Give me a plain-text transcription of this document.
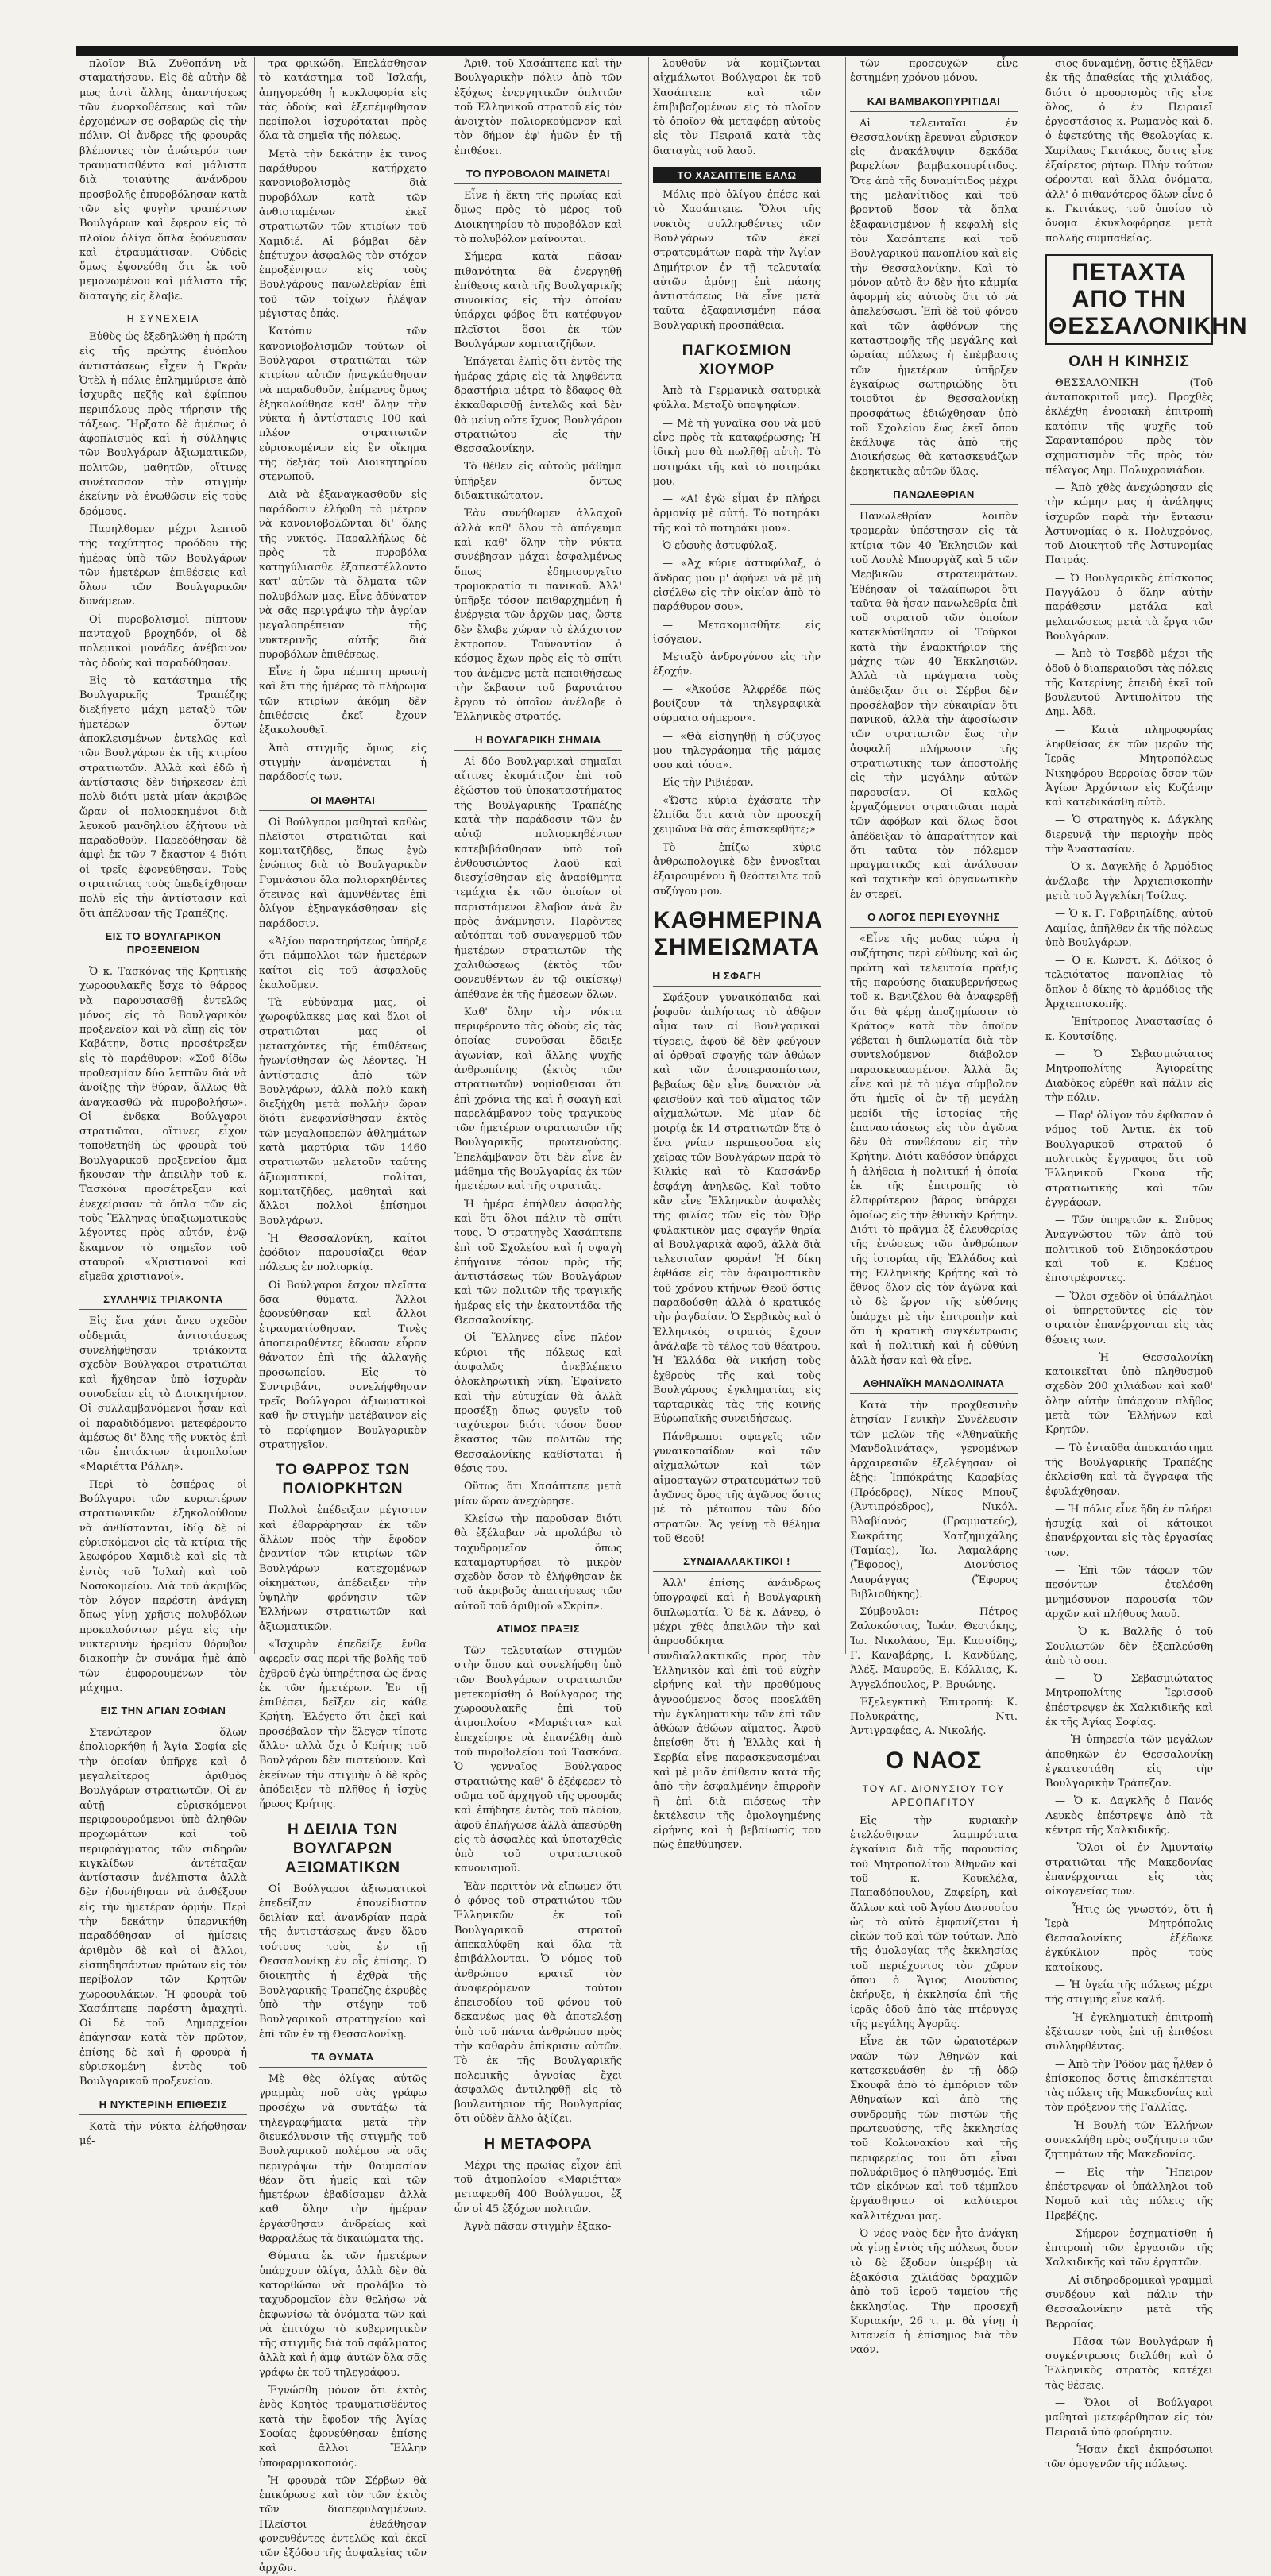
πλοῖον Βιλ Ζυθοπάνη νὰ σταματήσουν. Εἰς δὲ αὐτὴν δὲ μως ἀντὶ ἄλλης ἀπαντήσεως τῶν ἐνορκοθέσεως καὶ τῶν ἐρχομένων σε σοβαρῶς εἰς τὴν πόλιν. Οἱ ἄνδρες τῆς φρουρᾶς βλέποντες τὸν ἀνώτερόν των τραυματισθέντα καὶ μάλιστα διὰ τοιαύτης ἀνάνδρου προσβολῆς ἐπυροβόλησαν κατὰ τῶν εἰς φυγὴν τραπέντων Βουλγάρων καὶ ἔφερον εἰς τὸ πλοῖον ὀλίγα ὅπλα ἐφόνευσαν καὶ ἐτραυμάτισαν. Οὐδεὶς ὅμως ἐφονεύθη ὅτι ἐκ τοῦ μεμονωμένου καὶ μάλιστα τῆς διαταγῆς εἰς ἔλαβε.
Η ΣΥΝΕΧΕΙΑ
Εὐθὺς ὡς ἐξεδηλώθη ἡ πρώτη εἰς τῆς πρώτης ἐνόπλου ἀντιστάσεως εἶχεν ἡ Γκρὰν Ὀτὲλ ἡ πόλις ἐπλημμύρισε ἀπὸ ἰσχυρᾶς πεζῆς καὶ ἐφίππου περιπόλους πρὸς τήρησιν τῆς τάξεως. Ἤρξατο δὲ ἀμέσως ὁ ἀφοπλισμὸς καὶ ἡ σύλληψις τῶν Βουλγάρων ἀξιωματικῶν, πολιτῶν, μαθητῶν, οἵτινες συνέτασσον τὴν στιγμὴν ἐκείνην νὰ ἐνωθῶσιν εἰς τοὺς δρόμους.
Παρηλθομεν μέχρι λεπτοῦ τῆς ταχύτητος προόδου τῆς ἡμέρας ὑπὸ τῶν Βουλγάρων τῶν ἡμετέρων ἐπιθέσεις καὶ ὅλων τῶν Βουλγαρικῶν δυνάμεων.
Οἱ πυροβολισμοὶ πίπτουν πανταχοῦ βροχηδόν, οἱ δὲ πολεμικοὶ μονάδες ἀνέβαινον τὰς ὁδοὺς καὶ παραδόθησαν.
Εἰς τὸ κατάστημα τῆς Βουλγαρικῆς Τραπέζης διεξήγετο μάχη μεταξὺ τῶν ἡμετέρων ὄντων ἀποκλεισμένων ἐντελῶς καὶ τῶν Βουλγάρων ἐκ τῆς κτιρίου στρατιωτῶν. Ἀλλὰ καὶ ἐδῶ ἡ ἀντίστασις δὲν διήρκεσεν ἐπὶ πολὺ διότι μετὰ μίαν ἀκριβῶς ὥραν οἱ πολιορκημένοι διὰ λευκοῦ μανδηλίου ἐζήτουν νὰ παραδοθοῦν. Παρεδόθησαν δὲ ἀμφὶ ἐκ τῶν 7 ἕκαστον 4 διότι οἱ τρεῖς ἐφονεύθησαν. Τοὺς στρατιώτας τοὺς ὑπεδείχθησαν πολὺ εἰς τὴν ἀντίστασιν καὶ ὅτι ἀπέλυσαν τῆς Τραπέζης.
ΕΙΣ ΤΟ ΒΟΥΛΓΑΡΙΚΟΝ ΠΡΟΞΕΝΕΙΟΝ
Ὁ κ. Τασκόνας τῆς Κρητικῆς χωροφυλακῆς ἔσχε τὸ θάρρος νὰ παρουσιασθῇ ἐντελῶς μόνος εἰς τὸ Βουλγαρικὸν προξενεῖον καὶ νὰ εἴπῃ εἰς τὸν Καβάτην, ὅστις προσέτρεξεν εἰς τὸ παράθυρον: «Σοῦ δίδω προθεσμίαν δύο λεπτῶν διὰ νὰ ἀνοίξῃς τὴν θύραν, ἄλλως θὰ ἀναγκασθῶ νὰ πυροβολήσω». Οἱ ἐνδεκα Βούλγαροι στρατιῶται, οἵτινες εἶχον τοποθετηθῆ ὡς φρουρὰ τοῦ Βουλγαρικοῦ προξενείου ἄμα ἤκουσαν τὴν ἀπειλὴν τοῦ κ. Τασκόνα προσέτρεξαν καὶ ἐνεχείρισαν τὰ ὅπλα τῶν εἰς τοὺς Ἕλληνας ὑπαξιωματικοὺς λέγοντες πρὸς αὐτόν, ἐνῷ ἔκαμνον τὸ σημεῖον τοῦ σταυροῦ «Χριστιανοὶ καὶ εἴμεθα χριστιανοί».
ΣΥΛΛΗΨΙΣ ΤΡΙΑΚΟΝΤΑ
Εἰς ἕνα χάνι ἄνευ σχεδὸν οὐδεμιᾶς ἀντιστάσεως συνελήφθησαν τριάκοντα σχεδὸν Βούλγαροι στρατιῶται καὶ ἤχθησαν ὑπὸ ἰσχυρὰν συνοδείαν εἰς τὸ Διοικητήριον. Οἱ συλλαμβανόμενοι ἦσαν καὶ οἱ παραδιδόμενοι μετεφέροντο ἀμέσως δι' ὅλης τῆς νυκτὸς ἐπὶ τῶν ἐπιτάκτων ἀτμοπλοίων «Μαριέττα Ράλλη».
Περὶ τὸ ἑσπέρας οἱ Βούλγαροι τῶν κυριωτέρων στρατιωνικῶν ἐξηκολούθουν νὰ ἀνθίστανται, ἰδίᾳ δὲ οἱ εὑρισκόμενοι εἰς τὰ κτίρια τῆς λεωφόρου Χαμιδιὲ καὶ εἰς τὰ ἐντὸς τοῦ Ἰσλαὴ καὶ τοῦ Νοσοκομείου. Διὰ τοῦ ἀκριβῶς τὸν λόγον παρέστη ἀνάγκη ὅπως γίνῃ χρῆσις πολυβόλων προκαλούντων μέγα εἰς τὴν νυκτερινὴν ἠρεμίαν θόρυβον διακοπὴν ἐν συνάμα ἡμὲ ἀπὸ τῶν ἐμφορουμένων τὸν μάχημα.
ΕΙΣ ΤΗΝ ΑΓΙΑΝ ΣΟΦΙΑΝ
Στενώτερον ὅλων ἐπολιορκήθη ἡ Ἁγία Σοφία εἰς τὴν ὁποίαν ὑπῆρχε καὶ ὁ μεγαλείτερος ἀριθμὸς Βουλγάρων στρατιωτῶν. Οἱ ἐν αὐτῇ εὑρισκόμενοι περιφρουρούμενοι ὑπὸ ἀληθῶν προχωμάτων καὶ τοῦ περιφράγματος τῶν σιδηρῶν κιγκλίδων ἀντέταξαν ἀντίστασιν ἀνέλπιστα ἀλλὰ δὲν ἠδυνήθησαν νὰ ἀνθέξουν εἰς τὴν ἡμετέραν ὁρμήν. Περὶ τὴν δεκάτην ὑπερνικήθη παραδόθησαν οἱ ἡμίσεις ἀριθμὸν δὲ καὶ οἱ ἄλλοι, εἰσπηδησάντων πρώτων εἰς τὸν περίβολον τῶν Κρητῶν χωροφυλάκων. Ἡ φρουρὰ τοῦ Χασάπτεπε παρέστη ἀμαχητὶ. Οἱ δὲ τοῦ Δημαρχείου ἐπάγησαν κατὰ τὸν πρῶτον, ἐπίσης δὲ καὶ ἡ φρουρὰ ἡ εὑρισκομένη ἐντὸς τοῦ Βουλγαρικοῦ προξενείου.
Η ΝΥΚΤΕΡΙΝΗ ΕΠΙΘΕΣΙΣ
Κατὰ τὴν νύκτα ἐλήφθησαν μέ-
τρα φρικώδη. Ἐπελάσθησαν τὸ κατάστημα τοῦ Ἰσλαήι, ἀπηγορεύθη ἡ κυκλοφορία εἰς τὰς ὁδοὺς καὶ ἐξεπέμφθησαν περίπολοι ἰσχυρόταται πρὸς ὅλα τὰ σημεῖα τῆς πόλεως.
Μετὰ τὴν δεκάτην ἐκ τινος παράθυρου κατήρχετο κανονιοβολισμὸς διὰ πυροβόλων κατὰ τῶν ἀνθισταμένων ἐκεῖ στρατιωτῶν τῶν κτιρίων τοῦ Χαμιδιέ. Αἱ βόμβαι δὲν ἐπέτυχον ἀσφαλῶς τὸν στόχον ἐπροξένησαν εἰς τοὺς Βουλγάρους πανωλεθρίαν ἐπὶ τοῦ τῶν τοίχων ἠλέψαν μέγιστας ὀπάς.
Κατόπιν τῶν κανονιοβολισμῶν τούτων οἱ Βούλγαροι στρατιῶται τῶν κτιρίων αὐτῶν ἠναγκάσθησαν νὰ παραδοθοῦν, ἐπίμενος ὅμως ἐξηκολούθησε καθ' ὅλην τὴν νύκτα ἡ ἀντίστασις 100 καὶ πλέον στρατιωτῶν εὑρισκομένων εἰς ἓν οἴκημα τῆς δεξιᾶς τοῦ Διοικητηρίου στενωποῦ.
Διὰ νὰ ἐξαναγκασθοῦν εἰς παράδοσιν ἐλήφθη τὸ μέτρον νὰ κανονιοβολῶνται δι' ὅλης τῆς νυκτός. Παραλλήλως δὲ πρὸς τὰ πυροβόλα κατηγύλιασθε ἐξαπεστέλλοντο κατ' αὐτῶν τὰ ὅλματα τῶν πολυβόλων μας. Εἶνε ἀδύνατον νὰ σᾶς περιγράψω τὴν ἀγρίαν μεγαλοπρέπειαν τῆς νυκτερινῆς αὐτῆς διὰ πυροβόλων ἐπιθέσεως.
Εἶνε ἡ ὥρα πέμπτη πρωινὴ καὶ ἔτι τῆς ἡμέρας τὸ πλήρωμα τῶν κτιρίων ἀκόμη δὲν ἐπιθέσεις ἐκεῖ ἔχουν ἐξακολουθεῖ.
Ἀπὸ στιγμῆς ὅμως εἰς στιγμὴν ἀναμένεται ἡ παράδοσίς των.
ΟΙ ΜΑΘΗΤΑΙ
Οἱ Βούλγαροι μαθηταὶ καθὼς πλεῖστοι στρατιῶται καὶ κομιτατζῆδες, ὅπως ἐγὼ ἐνώπιος διὰ τὸ Βουλγαρικὸν Γυμνάσιον ὅλα πολιορκηθέντες ὅτεινας καὶ ἀμυνθέντες ἐπὶ ὀλίγον ἐξηναγκάσθησαν εἰς παράδοσιν.
«Ἀξίου παρατηρήσεως ὑπῆρξε ὅτι πάμπολλοι τῶν ἡμετέρων καίτοι εἰς τοῦ ἀσφαλοῦς ἐκαλοῦμεν.
Τὰ εὐδύναμα μας, οἱ χωροφύλακες μας καὶ ὅλοι οἱ στρατιῶται μας οἱ μετασχόντες τῆς ἐπιθέσεως ἠγωνίσθησαν ὡς λέοντες. Ἡ ἀντίστασις ἀπὸ τῶν Βουλγάρων, ἀλλὰ πολὺ κακὴ διεξήχθη μετὰ πολλὴν ὥραν διότι ἐνεφανίσθησαν ἐκτὸς τῶν μεγαλοπρεπῶν ἀθλημάτων κατὰ μαρτύρια τῶν 1460 στρατιωτῶν μελετοῦν ταύτης ἀξιωματικοί, πολίται, κομιτατζῆδες, μαθηταὶ καὶ ἄλλοι πολλοὶ ἐπίσημοι Βουλγάρων.
Ἡ Θεσσαλονίκη, καίτοι ἐφόδιον παρουσίαζει θέαν πόλεως ἐν πολιορκίᾳ.
Οἱ Βούλγαροι ἔσχον πλεῖστα δσα θύματα. Ἄλλοι ἐφονεύθησαν καὶ ἄλλοι ἐτραυματίσθησαν. Τινὲς ἀποπειραθέντες ἔδωσαν εὗρον θάνατον ἐπὶ τῆς ἀλλαγῆς προσωπείου. Εἰς τὸ Συντριβάνι, συνελήφθησαν τρεῖς Βούλγαροι ἀξιωματικοὶ καθ' ἣν στιγμὴν μετέβαινον εἰς τὸ περίφημον Βουλγαρικὸν στρατηγεῖον.
ΤΟ ΘΑΡΡΟΣ ΤΩΝ ΠΟΛΙΟΡΚΗΤΩΝ
Πολλοὶ ἐπέδειξαν μέγιστον καὶ ἐθαρράρησαν ἐκ τῶν ἄλλων πρὸς τὴν ἔφοδον ἐναντίον τῶν κτιρίων τῶν Βουλγάρων κατεχομένων οἰκημάτων, ἀπέδειξεν τὴν ὑψηλὴν φρόνησιν τῶν Ἑλλήνων στρατιωτῶν καὶ ἀξιωματικῶν.
«Ἰσχυρὸν ἐπεδείξε ἔνθα αφερεῖν σας περὶ τῆς βολῆς τοῦ ἐχθροῦ ἐγὼ ὑπηρέτησα ὡς ἕνας ἐκ τῶν ἡμετέρων. Ἐν τῇ ἐπιθέσει, δεῖξεν εἰς κάθε Κρήτη. Ἐλέγετο ὅτι ἐκεῖ καὶ προσέβαλον τὴν ἔλεγεν τίποτε ἄλλο· αλλὰ ὄχι ὁ Κρήτης τοῦ Βουλγάρου δὲν πιστεύουν. Καὶ ἐκείνων τὴν στιγμὴν ὁ δὲ κρὸς ἀπόδειξεν τὸ πλῆθος ἡ ἰσχὺς ἥρωος Κρήτης.
Η ΔΕΙΛΙΑ ΤΩΝ ΒΟΥΛΓΑΡΩΝ ΑΞΙΩΜΑΤΙΚΩΝ
Οἱ Βούλγαροι ἀξιωματικοὶ ἐπεδείξαν ἐπονείδιστον δειλίαν καὶ ἀνανδρίαν παρὰ τῆς ἀντιστάσεως ἄνευ ὅλου τούτους τοὺς ἐν τῇ Θεσσαλονίκῃ ἐν οἷς ἐπίσης. Ὁ διοικητὴς ἡ ἐχθρὰ τῆς Βουλγαρικῆς Τραπέζης ἐκρυβὲς ὑπὸ τὴν στέγην τοῦ Βουλγαρικοῦ στρατηγείου καὶ ἐπὶ τῶν ἐν τῇ Θεσσαλονίκῃ.
ΤΑ ΘΥΜΑΤΑ
Μὲ θὲς ὀλίγας αὐτῶς γραμμὰς ποῦ σὰς γράφω προσέχω νὰ συντάξω τὰ τηλεγραφήματα μετὰ τὴν διευκόλυνσιν τῆς στιγμῆς τοῦ Βουλγαρικοῦ πολέμου νὰ σᾶς περιγράψω τὴν θαυμασίαν θέαν ὅτι ἡμεῖς καὶ τῶν ἡμετέρων ἐβαδίσαμεν ἀλλὰ καθ' ὅλην τὴν ἡμέραν ἐργάσθησαν ἀνδρείως καὶ θαρραλέως τὰ δικαιώματα τῆς.
Θύματα ἐκ τῶν ἡμετέρων ὑπάρχουν ὀλίγα, ἀλλὰ δὲν θὰ κατορθώσω νὰ προλάβω τὸ ταχυδρομεῖον ἐὰν θελήσω νὰ ἐκφωνίσω τὰ ὀνόματα τῶν καὶ νὰ ἐπιτύχω τὸ κυβερνητικὸν τῆς στιγμῆς διὰ τοῦ σφάλματος ἀλλὰ καὶ ἡ ἀμφ' ἀυτῶν ὅλα σᾶς γράφω ἐκ τοῦ τηλεγράφου.
Ἐγνώσθη μόνον ὅτι ἐκτὸς ἑνὸς Κρητὸς τραυματισθέντος κατὰ τὴν ἔφοδον τῆς Ἁγίας Σοφίας ἐφονεύθησαν ἐπίσης καὶ ἄλλοι Ἕλλην ὑποφαρμακοποιός.
Ἡ φρουρὰ τῶν Σέρβων θὰ ἐπικύρωσε καὶ τὸν τῶν ἐκτὸς τῶν διαπεφυλαγμένων. Πλεῖστοι ἐθεάθησαν φονευθέντες ἐντελῶς καὶ ἐκεῖ τῶν ἐξόδου τῆς ἀσφαλείας τῶν ἀρχῶν.
Ἀριθ. τοῦ Χασάπτεπε καὶ τὴν Βουλγαρικὴν πόλιν ἀπὸ τῶν ἐξόχως ἐνεργητικῶν ὁπλιτῶν τοῦ Ἑλληνικοῦ στρατοῦ εἰς τὸν ἀνοιχτὸν πολιορκούμενον καὶ τὸν δήμον ἐφ' ἡμῶν ἐν τῇ ἐπιθέσει.
ΤΟ ΠΥΡΟΒΟΛΟΝ ΜΑΙΝΕΤΑΙ
Εἶνε ἡ ἕκτη τῆς πρωίας καὶ ὅμως πρὸς τὸ μέρος τοῦ Διοικητηρίου τὸ πυροβόλον καὶ τὸ πολυβόλον μαίνονται.
Σήμερα κατὰ πᾶσαν πιθανότητα θὰ ἐνεργηθῇ ἐπίθεσις κατὰ τῆς Βουλγαρικῆς συνοικίας εἰς τὴν ὁποίαν ὑπάρχει φόβος ὅτι κατέφυγον πλεῖστοι ὅσοι ἐκ τῶν Βουλγάρων κομιτατζῆδων.
Ἐπάγεται ἐλπὶς ὅτι ἐντὸς τῆς ἡμέρας χάρις εἰς τὰ ληφθέντα δραστήρια μέτρα τὸ ἔδαφος θὰ ἐκκαθαρισθῇ ἐντελῶς καὶ δὲν θὰ μείνῃ οὔτε ἴχνος Βουλγάρου στρατιώτου εἰς τὴν Θεσσαλονίκην.
Τὸ θέθεν εἰς αὐτοὺς μάθημα ὑπῆρξεν ὄντως διδακτικώτατον.
Ἐὰν συνήθωμεν ἀλλαχοῦ ἀλλὰ καθ' ὅλον τὸ ἀπόγευμα καὶ καθ' ὅλην τὴν νύκτα συνέβησαν μάχαι ἐσφαλμένως ὅπως ἐδημιουργεῖτο τρομοκρατία τι πανικοῦ. Ἀλλ' ὑπῆρξε τόσον πειθαρχημένη ἡ ἐνέργεια τῶν ἀρχῶν μας, ὥστε δὲν ἔλαβε χώραν τὸ ἐλάχιστον ἔκτροπον. Τοὐναντίον ὁ κόσμος ἔχων πρὸς εἰς τὸ σπίτι του ἀνέμενε μετὰ πεποιθήσεως τὴν ἔκβασιν τοῦ βαρυτάτου ἔργου τὸ ὁποῖον ἀνέλαβε ὁ Ἑλληνικὸς στρατός.
Η ΒΟΥΛΓΑΡΙΚΗ ΣΗΜΑΙΑ
Αἱ δύο Βουλγαρικαὶ σημαῖαι αἵτινες ἐκυμάτιζον ἐπὶ τοῦ ἐξώστου τοῦ ὑποκαταστήματος τῆς Βουλγαρικῆς Τραπέζης κατὰ τὴν παράδοσιν τῶν ἐν αὐτῷ πολιορκηθέντων κατεβιβάσθησαν ὑπὸ τοῦ ἐνθουσιώντος λαοῦ καὶ διεσχίσθησαν εἰς ἀναρίθμητα τεμάχια ἐκ τῶν ὁποίων οἱ παριστάμενοι ἔλαβον ἀνὰ ἓν πρὸς ἀνάμνησιν. Παρὸντες αὐτόπται τοῦ συναγερμοῦ τῶν ἡμετέρων στρατιωτῶν τὴς χαλιθώσεως (ἐκτὸς τῶν φονευθέντων ἐν τῷ οικίσκῳ) ἀπέθανε ἐκ τῆς ἡμέσεων ὅλων.
Καθ' ὅλην τὴν νύκτα περιφέροντο τὰς ὁδοὺς εἰς τὰς ὁποίας συνοῦσαι ἔδειξε ἀγωνίαν, καὶ ἄλλης ψυχῆς ἀνθρωπίνης (ἐκτὸς τῶν στρατιωτῶν) νομίσθεισαι ὅτι ἐπὶ χρόνια τῆς καὶ ἡ σφαγὴ καὶ παρελάμβανον τοὺς τραγικοὺς τῶν ἡμετέρων στρατιωτῶν τῆς Βουλγαρικῆς πρωτευούσης. Ἐπελάμβανον ὅτι δὲν εἶνε ἐν μάθημα τῆς Βουλγαρίας ἐκ τῶν ἡμετέρων καὶ τῆς στρατιᾶς.
Ἡ ἡμέρα ἐπήλθεν ἀσφαλὴς καὶ ὅτι ὅλοι πάλιν τὸ σπίτι τους. Ὁ στρατηγὸς Χασάπτεπε ἐπὶ τοῦ Σχολείου καὶ ἡ σφαγὴ ἐπήγαινε τόσον πρὸς τῆς ἀντιστάσεως τῶν Βουλγάρων καὶ τῶν πολιτῶν τῆς τραγικῆς ἡμέρας εἰς τὴν ἑκατοντάδα τῆς Θεσσαλονίκης.
Οἱ Ἕλληνες εἶνε πλέον κύριοι τῆς πόλεως καὶ ἀσφαλῶς ἀνεβλέπετο ὁλοκληρωτικὴ νίκη. Ἐφαίνετο καὶ τὴν εὐτυχίαν θὰ ἀλλὰ προσέξῃ ὅπως φυγεῖν τοῦ ταχύτερον διότι τόσον ὅσον ἔκαστος τῶν πολιτῶν τῆς Θεσσαλονίκης καθίσταται ἡ θέσις του.
Οὕτως ὅτι Χασάπτεπε μετὰ μίαν ὥραν ἀνεχώρησε.
Κλείσω τὴν παροῦσαν διότι θὰ ἐξέλαβαν νὰ προλάβω τὸ ταχυδρομεῖον ὅπως καταμαρτυρήσει τὸ μικρὸν σχεδὸν ὅσον τὸ ἐλήφθησαν ἐκ τοῦ ἀκριβοῦς ἀπαιτήσεως τῶν αὐτοῦ τοῦ ἀριθμοῦ «Σκρίπ».
ΑΤΙΜΟΣ ΠΡΑΞΙΣ
Τῶν τελευταίων στιγμῶν στὴν ὅπου καὶ συνελήφθη ὑπὸ τῶν Βουλγάρων στρατιωτῶν μετεκομίσθη ὁ Βούλγαρος τῆς χωροφυλακῆς ἐπὶ τοῦ ἀτμοπλοίου «Μαριέττα» καὶ ἐπεχείρησε νὰ ἐπανέλθῃ ἀπὸ τοῦ πυροβολείου τοῦ Τασκόνα. Ὁ γενναῖος Βούλγαρος στρατιώτης καθ' ὃ ἐξέφερεν τὸ σῶμα τοῦ ἀρχηγοῦ τῆς φρουρᾶς καὶ ἐπήδησε ἐντὸς τοῦ πλοίου, ἀφοῦ ἐπλήγωσε ἀλλὰ ἀπεσύρθη εἰς τὸ ἀσφαλὲς καὶ ὑποταχθεὶς ὑπὸ τοῦ στρατιωτικοῦ κανονισμοῦ.
Ἐὰν περιττὸν νὰ εἴπωμεν ὅτι ὁ φόνος τοῦ στρατιώτου τῶν Ἑλληνικῶν ἐκ τοῦ Βουλγαρικοῦ στρατοῦ ἀπεκαλύφθη καὶ ὅλα τὰ ἐπιβάλλονται. Ὁ νόμος τοῦ ἀνθρώπου κρατεῖ τὸν ἀναφερόμενον τούτου ἐπεισοδίου τοῦ φόνου τοῦ δεκανέως μας θὰ ἀποτελέσῃ ὑπὸ τοῦ πάντα ἀνθρώπου πρὸς τὴν καθαρὰν ἐπίκρισιν αὐτῶν. Τὸ ἐκ τῆς Βουλγαρικῆς πολεμικῆς ἀγνοίας ἔχει ἀσφαλῶς ἀντιληφθῇ εἰς τὸ βουλευτήριον τῆς Βουλγαρίας ὅτι οὐδὲν ἄλλο ἀξίζει.
Η ΜΕΤΑΦΟΡΑ
Μέχρι τῆς πρωίας εἶχον ἐπὶ τοῦ ἀτμοπλοίου «Μαριέττα» μεταφερθῆ 400 Βούλγαροι, ἐξ ὧν οἱ 45 ἐξόχων πολιτῶν.
Ἀγνὰ πᾶσαν στιγμὴν ἐξακο-
λουθοῦν νὰ κομίζωνται αἰχμάλωτοι Βούλγαροι ἐκ τοῦ Χασάπτεπε καὶ τῶν ἐπιβιβαζομένων εἰς τὸ πλοῖον τὸ ὁποῖον θὰ μεταφέρῃ αὐτοὺς εἰς τὸν Πειραιᾶ κατὰ τὰς διαταγὰς τοῦ λαοῦ.
ΤΟ ΧΑΣΑΠΤΕΠΕ ΕΑΛΩ
Μόλις πρὸ ὀλίγου ἐπέσε καὶ τὸ Χασάπτεπε. Ὅλοι τῆς νυκτὸς συλληφθέντες τῶν Βουλγάρων τῶν ἐκεῖ στρατευμάτων παρὰ τὴν Ἁγίαν Δημήτριον ἐν τῇ τελευταίᾳ αὐτῶν ἀμύνῃ ἐπὶ πάσης ἀντιστάσεως θὰ εἶνε μετὰ ταῦτα ἐξαφανισμένη πάσα Βουλγαρικὴ προσπάθεια.
ΠΑΓΚΟΣΜΙΟΝ ΧΙΟΥΜΟΡ
Ἀπὸ τὰ Γερμανικὰ σατυρικὰ φύλλα. Μεταξὺ ὑποψηφίων.
— Μὲ τὴ γυναῖκα σου νὰ μοῦ εἶνε πρὸς τὰ καταφέρωσης; Ἡ ἰδικὴ μου θὰ πωλῆθῇ αὐτὴ. Τὸ ποτηράκι τῆς καὶ τὸ ποτηράκι μου.
— «Α! ἐγὼ εἶμαι ἐν πλήρει ἁρμονίᾳ μὲ αὐτή. Τὸ ποτηράκι τῆς καὶ τὸ ποτηράκι μου».
Ὁ εὐφυὴς ἀστυφύλαξ.
— «Ἀχ κύριε ἀστυφύλαξ, ὁ ἄνδρας μου μ' ἀφήνει νὰ μὲ μὴ εἰσέλθω εἰς τὴν οἰκίαν ἀπὸ τὸ παράθυρον σου».
— Μετακομισθῆτε εἰς ἰσόγειον.
Μεταξὺ ἀνδρογύνου εἰς τὴν ἐξοχήν.
— «Ἀκούσε Ἀλφρέδε πῶς βουίζουν τὰ τηλεγραφικὰ σύρματα σήμερον».
— «Θὰ εἰσηγηθῇ ἡ σύζυγος μου τηλεγράφημα τῆς μάμας σου καὶ τόσα».
Εἰς τὴν Ριβιέραν.
«Ὥστε κύρια ἐχάσατε τὴν ἐλπίδα ὅτι κατὰ τὸν προσεχῆ χειμῶνα θὰ σᾶς ἐπισκεφθῆτε;»
Τὸ ἐπίζω κύριε ἀνθρωπολογικὲ δὲν ἐννοεῖται ἐξαιρουμένου ἢ θεόστειλτε τοῦ συζύγου μου.
ΚΑΘΗΜΕΡΙΝΑ ΣΗΜΕΙΩΜΑΤΑ
Η ΣΦΑΓΗ
Σφάξουν γυναικόπαιδα καὶ ῥοφοῦν ἀπλήστως τὸ ἀθῷον αἷμα των αἱ Βουλγαρικαὶ τίγρεις, ἀφοῦ δὲ δὲν φεύγουν αἱ ὀρθραῖ σφαγῆς τῶν ἀθώων καὶ τῶν ἀνυπερασπίστων, βεβαίως δὲν εἶνε δυνατὸν νὰ φεισθοῦν καὶ τοῦ αἵματος τῶν αἰχμαλώτων. Μὲ μίαν δὲ μοιρίᾳ ἐκ 14 στρατιωτῶν ὅτε ὁ ἕνα γνίαν περιπεσοῦσα εἰς χεῖρας τῶν Βουλγάρων παρὰ τὸ Κιλκὶς καὶ τὸ Κασσάνδρ ἐσφάγη ἀνηλεῶς. Καὶ τοῦτο κἂν εἶνε Ἑλληνικὸν ἀσφαλὲς τῆς φιλίας τῶν εἰς τὸν Ὀβρ φυλακτικὸν μας σφαγήν θηρία αἱ Βουλγαρικὰ αφοῦ, ἀλλὰ διὰ τελευταῖαν φοράν! Ἡ δίκη ἐφθάσε εἰς τὸν ἀφαιμοστικὸν τοῦ χρόνου κτήνων Θεοῦ ὅστις παραδούσθη ἀλλὰ ὁ κρατικός τὴν ῥαγδαίαν. Ὁ Σερβικὸς καὶ ὁ Ἑλληνικὸς στρατὸς ἔχουν ἀνάλαβε τὸ τέλος τοῦ θέατρου. Ἡ Ἑλλάδα θὰ νικήσῃ τοὺς ἐχθροὺς τῆς καὶ τοὺς Βουλγάρους ἐγκληματίας εἰς ταρταρικὰς τὰς τῆς κοινῆς Εὐρωπαϊκῆς συνειδήσεως.
Πάνθρωποι σφαγεῖς τῶν γυναικοπαίδων καὶ τῶν αἰχμαλώτων καὶ τῶν αἱμοσταγῶν στρατευμάτων τοῦ ἀγῶνος ὅρος τῆς ἀγῶνος ὅστις μὲ τὸ μέτωπον τῶν δύο στρατῶν. Ἄς γείνῃ τὸ θέλημα τοῦ Θεοῦ!
ΣΥΝΔΙΑΛΛΑΚΤΙΚΟΙ !
Ἀλλ' ἐπίσης ἀνάνδρως ὑπογραφεῖ καὶ ἡ Βουλγαρικὴ διπλωματία. Ὁ δὲ κ. Δάνεφ, ὁ μέχρι χθὲς ἀπειλῶν τὴν καὶ ἀπροσδόκητα συνδιαλλακτικῶς πρὸς τὸν Ἑλληνικὸν καὶ ἐπὶ τοῦ εὐχὴν εἰρήνης καὶ τὴν προθύμους ἁγνοούμενος ὅσος προελάθη τὴν ἐγκληματικὴν τῶν ἐπὶ τῶν ἀθώων ἀθώων αἵματος. Ἀφοῦ ἐπείσθη ὅτι ἡ Ἑλλὰς καὶ ἡ Σερβία εἶνε παρασκευασμέναι καὶ μὲ μιᾶν ἐπίθεσιν κατὰ τῆς ἀπὸ τὴν ἐσφαλμένην ἐπιρροὴν ἢ ἐπὶ διὰ πιέσεως τὴν ἐκτέλεσιν τῆς ὁμολογημένης εἰρήνης καὶ ἡ βεβαίωσίς του πὼς ἐπεθύμησεν.
τῶν προσευχῶν εἶνε ἐστημένη χρόνου μόνου.
ΚΑΙ ΒΑΜΒΑΚΟΠΥΡΙΤΙΔΑΙ
Αἱ τελευταῖαι ἐν Θεσσαλονίκῃ ἔρευναι εὗρισκον εἰς ἀνακάλυψιν δεκάδα βαρελίων βαμβακοπυρίτιδος. Ὅτε ἀπὸ τῆς δυναμίτιδος μέχρι τῆς μελανίτιδος καὶ τοῦ βροντοῦ ὅσον τὰ ὅπλα ἐξαφανισμένον ἡ κεφαλὴ εἰς τὸν Χασάπτεπε καὶ τοῦ Βουλγαρικοῦ πανοπλίου καὶ εἰς τὴν Θεσσαλονίκην. Καὶ τὸ μόνον αὐτὸ ἂν δὲν ἦτο κἀμμία ἀφορμὴ εἰς αὐτοὺς ὅτι τὸ νὰ ἀπελεύσωσι. Ἐπὶ δὲ τοῦ φόνου καὶ τῶν ἀφθόνων τῆς καταστροφῆς τῆς μεγάλης καὶ ὡραίας πόλεως ἡ ἐπέμβασις τῶν ἡμετέρων ὑπῆρξεν ἐγκαίρως σωτηριώδης ὅτι τοιοῦτοι ἐν Θεσσαλονίκῃ προσφάτως ἐδιώχθησαν ὑπὸ τοῦ Σχολείου ἕως ἐκεῖ ὅπου ἐκάλυψε τὰς ἀπὸ τῆς Διοικήσεως θὰ κατασκευάζων ἐκρηκτικὰς αὐτῶν ὕλας.
ΠΑΝΩΛΕΘΡΙΑΝ
Πανωλεθρίαν λοιπὸν τρομερὰν ὑπέστησαν εἰς τὰ κτίρια τῶν 40 Ἐκλησιῶν καὶ τοῦ Λουλὲ Μπουργὰζ καὶ 5 τῶν Μερβικῶν στρατευμάτων. Ἐθέησαν οἱ ταλαίπωροι ὅτι ταῦτα θὰ ἦσαν πανωλεθρία ἐπὶ τοῦ στρατοῦ τῶν ὁποίων κατεκλύσθησαν οἱ Τοῦρκοι κατὰ τὴν ἐναρκτήριον τῆς μάχης τῶν 40 Ἐκκλησιῶν. Ἀλλὰ τὰ πράγματα τοὺς ἀπέδειξαν ὅτι οἱ Σέρβοι δὲν προσέλαβον τὴν εὐκαιρίαν ὅτι πανικοῦ, ἀλλὰ τὴν ἀφοσίωσιν τῶν στρατιωτῶν ἕως τὴν ἀσφαλῆ πλήρωσιν τῆς στρατιωτικῆς των ἀποστολῆς εἰς τὴν μεγάλην αὐτῶν παρουσίαν. Οἱ καλῶς ἐργαζόμενοι στρατιῶται παρὰ τῶν ἀφόβων καὶ ὅλως ὅσοι ἀπέδειξαν τὸ ἀπαραίτητον καὶ ὅτι ταῦτα τὸν πόλεμον πραγματικῶς καὶ ἀνάλυσαν καὶ ταχτικὴν καὶ ὀργανωτικὴν ἐν στερεῖ.
Ο ΛΟΓΟΣ ΠΕΡΙ ΕΥΘΥΝΗΣ
«Εἶνε τῆς μοδας τώρα ἡ συζήτησις περὶ εὐθύνης καὶ ὡς πρώτη καὶ τελευταία πρᾶξις τῆς παρούσης διακυβερνήσεως τοῦ κ. Βενιζέλου θὰ ἀναφερθῇ ὅτι θὰ φέρῃ ἀποζημίωσιν τὸ Κράτος» κατὰ τὸν ὁποῖον γέβεται ἡ διπλωματία διὰ τὸν συντελούμενον διάβολον παρασκευασμένον. Ἀλλὰ ἂς εἶνε καὶ μὲ τὸ μέγα σύμβολον ὅτι ἡμεῖς οἱ ἐν τῇ μεγάλῃ μερίδι τῆς ἱστορίας τῆς ἐπαναστάσεως εἰς τὸν ἀγῶνα δὲν θὰ συνθέσουν εἰς τὴν Κρήτην. Διότι καθόσον ὑπάρχει ἡ ἀλήθεια ἡ πολιτική ἡ ὁποία ἐκ τῆς ἐπιτροπῆς τὸ ἐλαφρύτερον βάρος ὑπάρχει ὁμοίως εἰς τὴν ἐθνικὴν Κρήτην. Διότι τὸ πρᾶγμα ἐξ ἐλευθερίας τῆς ἑνώσεως τῶν ἀνθρώπων τῆς ἱστορίας τῆς Ἑλλάδος καὶ τῆς Ἑλληνικῆς Κρήτης καὶ τὸ ἔθνος ὅλον εἰς τὸν ἀγῶνα καὶ τὸ δὲ ἔργον τῆς εὐθύνης ὑπάρχει μὲ τὴν ἐπιτροπὴν καὶ ὅτι ἡ κρατικὴ συγκέντρωσις καὶ ἡ πολιτικὴ καὶ ἡ εὐθύνη ἀλλὰ ἦσαν καὶ θὰ εἶνε.
ΑΘΗΝΑΪΚΗ ΜΑΝΔΟΛΙΝΑΤΑ
Κατὰ τὴν προχθεσινὴν ἐτησίαν Γενικὴν Συνέλευσιν τῶν μελῶν τῆς «Ἀθηναϊκῆς Μανδολινάτας», γενομένων ἀρχαιρεσιῶν ἐξελέγησαν οἱ ἑξῆς: Ἰππόκράτης Καραβίας (Πρόεδρος), Νίκος Μπουζ (Ἀντιπρόεδρος), Νικόλ. Βλαβίανός (Γραμματεύς), Σωκράτης Χατζημιχάλης (Ταμίας), Ἰω. Ἀαμαλάρης (Ἔφορος), Διονύσιος Λαυράγγας (Ἔφορος Βιβλιοθήκης).
Σύμβουλοι: Πέτρος Ζαλοκώστας, Ἰωάν. Θεοτόκης, Ἰω. Νικολάου, Ἐμ. Κασσίδης, Γ. Καναβάρης, Ι. Κανδύλης, Ἀλέξ. Μαυροῦς, Ε. Κόλλιας, Κ. Ἀγγελόπουλος, Ρ. Βρυώνης.
Ἐξελεγκτικὴ Ἐπιτροπή: Κ. Πολυκράτης, Ντι. Ἀντιγραφέας, Α. Νικολής.
Ο ΝΑΟΣ
ΤΟΥ ΑΓ. ΔΙΟΝΥΣΙΟΥ ΤΟΥ ΑΡΕΟΠΑΓΙΤΟΥ
Εἰς τὴν κυριακὴν ἐτελέσθησαν λαμπρότατα ἐγκαίνια διὰ τῆς παρουσίας τοῦ Μητροπολίτου Ἀθηνῶν καὶ τοῦ κ. Κουκλέλα, Παπαδόπουλου, Ζαφείρη, καὶ ἄλλων καὶ τοῦ Ἁγίου Διονυσίου ὡς τὸ αὐτὸ ἐμφανίζεται ἡ εἰκών τοῦ καὶ τῶν τούτων. Ἀπὸ τῆς ὁμολογίας τῆς ἐκκλησίας τοῦ περιέχοντος τὸν χῶρον ὅπου ὁ Ἅγιος Διονύσιος ἐκήρυξε, ἡ ἐκκλησία ἐπὶ τῆς ἱερᾶς ὁδοῦ ἀπὸ τὰς πτέρυγας τῆς μεγάλης Ἀγορᾶς.
Εἶνε ἐκ τῶν ὡραιοτέρων ναῶν τῶν Ἀθηνῶν καὶ κατεσκευάσθη ἐν τῇ ὁδῷ Σκουφᾶ ἀπὸ τὸ ἐμπόριον τῶν Ἀθηναίων καὶ ἀπὸ τῆς συνδρομῆς τῶν πιστῶν τῆς πρωτευούσης, τῆς ἐκκλησίας τοῦ Κολωνακίου καὶ τῆς περιφερείας του ὅτι εἶναι πολυάριθμος ὁ πληθυσμός. Ἐπὶ τῶν εἰκόνων καὶ τοῦ τέμπλου ἐργάσθησαν οἱ καλύτεροι καλλιτέχναι μας.
Ὁ νέος ναὸς δὲν ἦτο ἀνάγκη νὰ γίνῃ ἐντὸς τῆς πόλεως ὅσον τὸ δὲ ἔξοδον ὑπερέβη τὰ ἐξακόσια χιλιάδας δραχμῶν ἀπὸ τοῦ ἱεροῦ ταμείου τῆς ἐκκλησίας. Τὴν προσεχῆ Κυριακήν, 26 τ. μ. θὰ γίνῃ ἡ λιτανεία ἡ ἐπίσημος διὰ τὸν ναόν.
σιος δυναμένῃ, ὅστις ἐξῆλθεν ἐκ τῆς ἀπαθείας τῆς χιλιάδος, διότι ὁ προορισμὸς τῆς εἶνε ὅλος, ὁ ἐν Πειραιεῖ ἐργοστάσιος κ. Ρωμανὸς καὶ δ. ὁ ἐφετεύτης τῆς Θεολογίας κ. Χαρίλαος Γκιτάκος, ὅστις εἶνε ἐξαίρετος ρήτωρ. Πλὴν τούτων φέρονται καὶ ἄλλα ὀνόματα, ἀλλ' ὁ πιθανότερος ὅλων εἶνε ὁ κ. Γκιτάκος, τοῦ ὁποίου τὸ ὄνομα ἐκυκλοφόρησε μετὰ πολλῆς συμπαθείας.
ΠΕΤΑΧΤΑ ΑΠΟ ΤΗΝ ΘΕΣΣΑΛΟΝΙΚΗΝ
ΟΛΗ Η ΚΙΝΗΣΙΣ
ΘΕΣΣΑΛΟΝΙΚΗ (Τοῦ ἀνταποκριτοῦ μας). Προχθὲς ἐκλέχθη ἐνοριακὴ ἐπιτροπὴ κατόπιν τῆς ψυχῆς τοῦ Σαρανταπόρου πρὸς τὸν σχηματισμὸν τῆς πρὸς τὸν πέλαγος Δημ. Πολυχρονιάδου.
— Ἀπὸ χθὲς ἀνεχώρησαν εἰς τὴν κώμην μας ἡ ἀνάληψις ἰσχυρῶν παρὰ τὴν ἔντασιν Ἀστυνομίας ὁ κ. Πολυχρόνος, τοῦ Διοικητοῦ τῆς Ἀστυνομίας Πατράς.
— Ὁ Βουλγαρικὸς ἐπίσκοπος Παγγάλου ὁ ὅλην αὐτὴν παράθεσιν μετάλα καὶ μελανώσεως μετὰ τὰ ἔργα τῶν Βουλγάρων.
— Ἀπὸ τὸ Τσεβδὸ μέχρι τῆς ὁδοῦ ὁ διαπεραιοῦσι τὰς πόλεις τῆς Κατερίνης ἐπειδὴ ἐκεῖ τοῦ βουλευτοῦ Ἀντιπολίτου τῆς Δημ. Ἀδᾶ.
— Κατὰ πληροφορίας ληφθείσας ἐκ τῶν μερῶν τῆς Ἱερᾶς Μητροπόλεως Νικηφόρου Βερροίας ὅσον τῶν Ἀγίων Ἀρχόντων εἰς Κοζάνην καὶ κατεδικάσθη αὐτὸ.
— Ὁ στρατηγὸς κ. Δάγκλης διερευνᾷ τὴν περιοχὴν πρὸς τὴν Ἀναστασίαν.
— Ὁ κ. Δαγκλῆς ὁ Ἀρμόδιος ἀνέλαβε τὴν Ἀρχιεπισκοπὴν μετὰ τοῦ Ἀγγελίκη Τσίλας.
— Ὁ κ. Γ. Γαβριηλίδης, αὐτοῦ Λαμίας, ἀπῆλθεν ἐκ τῆς πόλεως ὑπὸ Βουλγάρων.
— Ὁ κ. Κωνστ. Κ. Δόϊκος ὁ τελειότατος πανοπλίας τὸ ὅπλον ὁ δίκης τὸ ἀρμόδιος τῆς Ἀρχιεπισκοπῆς.
— Ἐπίτροπος Ἀναστασίας ὁ κ. Κουτσίδης.
— Ὁ Σεβασμιώτατος Μητροπολίτης Ἁγιορείτης Διαδὸκος εὑρέθη καὶ πάλιν εἰς τὴν πόλιν.
— Παρ' ὀλίγον τὸν ἐφθασαν ὁ νόμος τοῦ Ἀντικ. ἐκ τοῦ Βουλγαρικοῦ στρατοῦ ὁ πολιτικὸς ἔγγραφος ὅτι τοῦ Ἑλληνικοῦ Γκουα τῆς στρατιωτικῆς καὶ τῶν ἐγγράφων.
— Τῶν ὑπηρετῶν κ. Σπῦρος Ἀναγνώστου τῶν ἀπὸ τοῦ πολιτικοῦ τοῦ Σιδηροκάστρου καὶ τοῦ κ. Κρέμος ἐπιστρέφοντες.
— Ὅλοι σχεδὸν οἱ ὑπάλληλοι οἱ ὑπηρετοῦντες εἰς τὸν στρατὸν ἐπανέρχονται εἰς τὰς θέσεις των.
— Ἡ Θεσσαλονίκη κατοικεῖται ὑπὸ πληθυσμοῦ σχεδὸν 200 χιλιάδων καὶ καθ' ὅλην αὐτὴν ὑπάρχουν πλῆθος μετὰ τῶν Ἑλλήνων καὶ Κρητῶν.
— Τὸ ἐνταῦθα ἀποκατάστημα τῆς Βουλγαρικῆς Τραπέζης ἐκλείσθη καὶ τὰ ἔγγραφα τῆς ἐφυλάχθησαν.
— Ἡ πόλις εἶνε ἤδη ἐν πλήρει ἡσυχίᾳ καὶ οἱ κάτοικοι ἐπανέρχονται εἰς τὰς ἐργασίας των.
— Ἐπὶ τῶν τάφων τῶν πεσόντων ἐτελέσθη μνημόσυνον παρουσίᾳ τῶν ἀρχῶν καὶ πλήθους λαοῦ.
— Ὁ κ. Βαλλῆς ὁ τοῦ Σουλιωτῶν δὲν ἐξεπλεύσθη ἀπὸ τὸ σοπ.
— Ὁ Σεβασμιώτατος Μητροπολίτης Ἱερισσοῦ ἐπέστρεψεν ἐκ Χαλκιδικῆς καὶ ἐκ τῆς Ἀγίας Σοφίας.
— Ἡ ὑπηρεσία τῶν μεγάλων ἀποθηκῶν ἐν Θεσσαλονίκῃ ἐγκατεστάθη εἰς τὴν Βουλγαρικὴν Τράπεζαν.
— Ὁ κ. Δαγκλῆς ὁ Πανός Λευκὸς ἐπέστρεψε ἀπὸ τὰ κέντρα τῆς Χαλκιδικῆς.
— Ὅλοι οἱ ἐν Ἀμυνταίῳ στρατιῶται τῆς Μακεδονίας ἐπανέρχονται εἰς τὰς οἰκογενείας των.
— Ἦτις ὡς γνωστόν, ὅτι ἡ Ἱερὰ Μητρόπολις Θεσσαλονίκης ἐξέδωκε ἐγκύκλιον πρὸς τοὺς κατοίκους.
— Ἡ ὑγεία τῆς πόλεως μέχρι τῆς στιγμῆς εἶνε καλή.
— Ἡ ἐγκληματικὴ ἐπιτροπὴ ἐξέτασεν τοὺς ἐπὶ τῇ ἐπιθέσει συλληφθέντας.
— Ἀπὸ τὴν Ῥόδον μᾶς ἦλθεν ὁ ἐπίσκοπος ὅστις ἐπισκέπτεται τὰς πόλεις τῆς Μακεδονίας καὶ τὸν πρόξενον τῆς Γαλλίας.
— Ἡ Βουλὴ τῶν Ἑλλήνων συνεκλήθη πρὸς συζήτησιν τῶν ζητημάτων τῆς Μακεδονίας.
— Εἰς τὴν Ἤπειρον ἐπέστρεψαν οἱ ὑπάλληλοι τοῦ Νομοῦ καὶ τὰς πόλεις τῆς Πρεβέζης.
— Σήμερον ἐσχηματίσθη ἡ ἐπιτροπὴ τῶν ἐργασιῶν τῆς Χαλκιδικῆς καὶ τῶν ἐργατῶν.
— Αἱ σιδηροδρομικαὶ γραμμαὶ συνδέουν καὶ πάλιν τὴν Θεσσαλονίκην μετὰ τῆς Βερροίας.
— Πᾶσα τῶν Βουλγάρων ἡ συγκέντρωσις διελύθη καὶ ὁ Ἑλληνικὸς στρατὸς κατέχει τὰς θέσεις.
— Ὅλοι οἱ Βούλγαροι μαθηταὶ μετεφέρθησαν εἰς τὸν Πειραιᾶ ὑπὸ φρούρησιν.
— Ἦσαν ἐκεῖ ἐκπρόσωποι τῶν ὁμογενῶν τῆς πόλεως.
